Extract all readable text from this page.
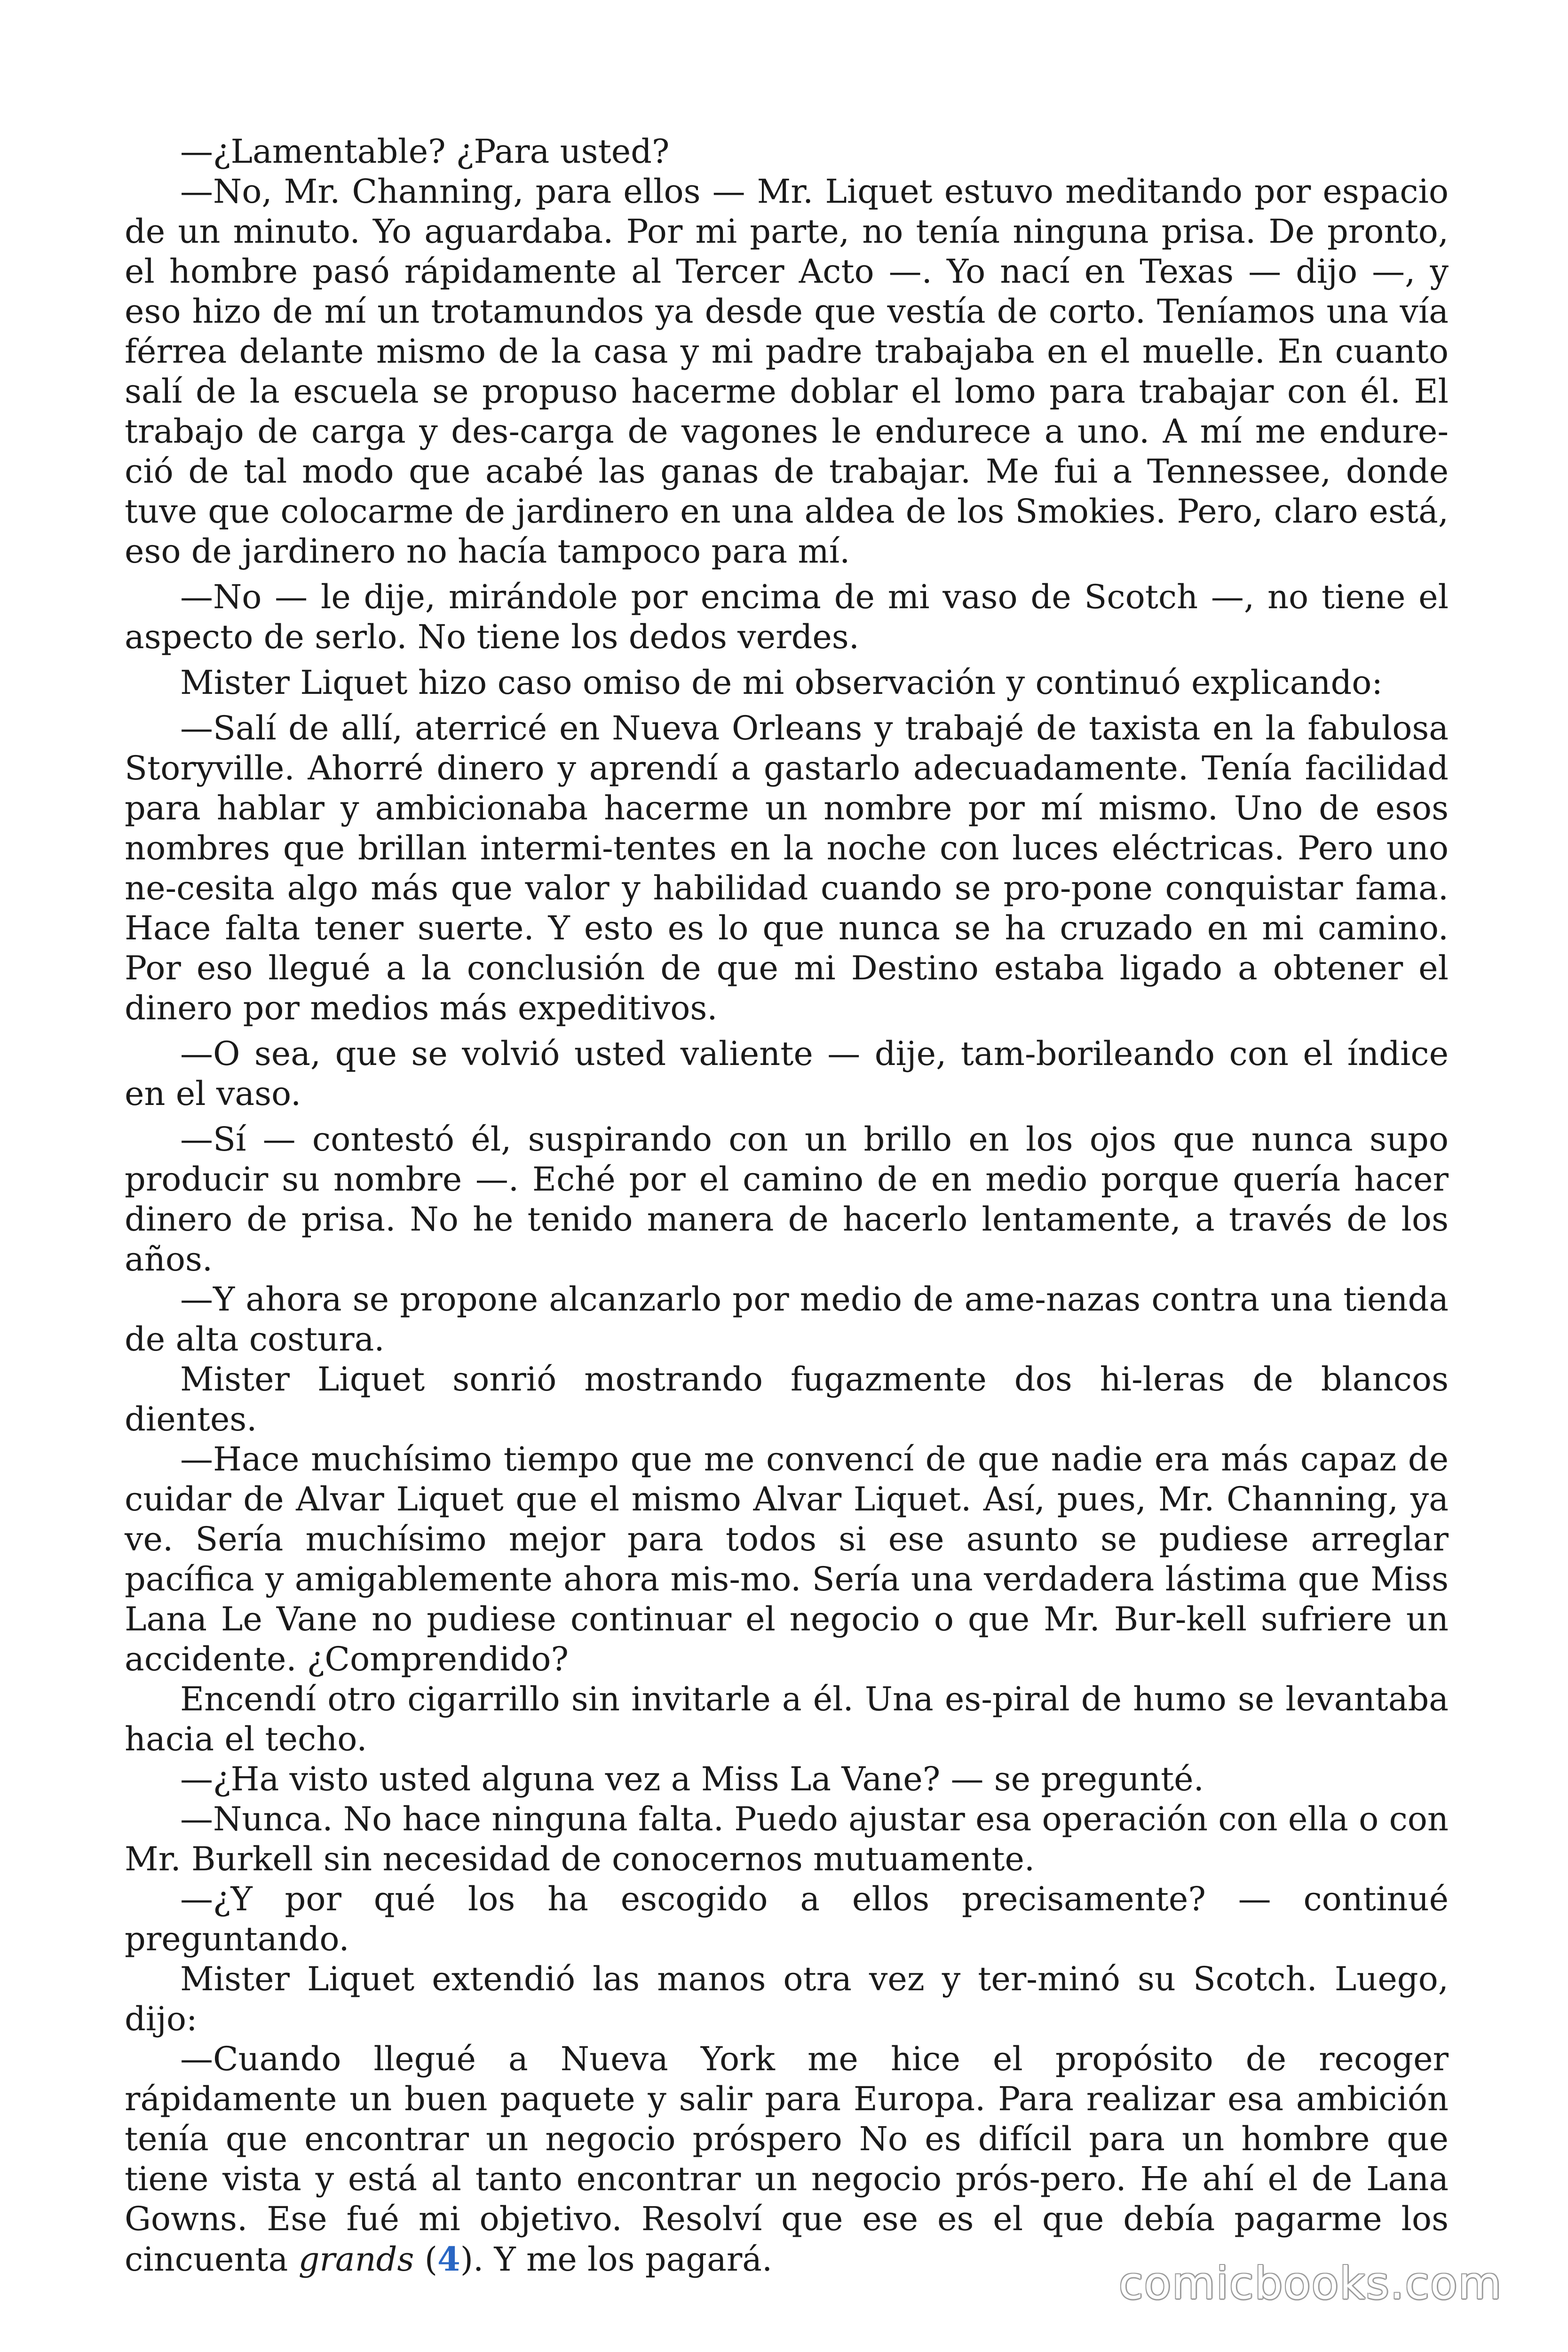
—¿Lamentable? ¿Para usted?

—No, Mr. Channing, para ellos — Mr. Liquet estuvo meditando por espacio de un minuto. Yo aguardaba. Por mi parte, no tenía ninguna prisa. De pronto, el hombre pasó rápidamente al Tercer Acto —. Yo nací en Texas — dijo —, y eso hizo de mí un trotamundos ya desde que vestía de corto. Teníamos una vía férrea delante mismo de la casa y mi padre trabajaba en el muelle. En cuanto salí de la escuela se propuso hacerme doblar el lomo para trabajar con él. El trabajo de carga y des-carga de vagones le endurece a uno. A mí me endure-ció de tal modo que acabé las ganas de trabajar. Me fui a Tennessee, donde tuve que colocarme de jardinero en una aldea de los Smokies. Pero, claro está, eso de jardinero no hacía tampoco para mí.

—No — le dije, mirándole por encima de mi vaso de Scotch —, no tiene el aspecto de serlo. No tiene los dedos verdes.

Mister Liquet hizo caso omiso de mi observación y continuó explicando:

—Salí de allí, aterricé en Nueva Orleans y trabajé de taxista en la fabulosa Storyville. Ahorré dinero y aprendí a gastarlo adecuadamente. Tenía facilidad para hablar y ambicionaba hacerme un nombre por mí mismo. Uno de esos nombres que brillan intermi-tentes en la noche con luces eléctricas. Pero uno ne-cesita algo más que valor y habilidad cuando se pro-pone conquistar fama. Hace falta tener suerte. Y esto es lo que nunca se ha cruzado en mi camino. Por eso llegué a la conclusión de que mi Destino estaba ligado a obtener el dinero por medios más expeditivos.

—O sea, que se volvió usted valiente — dije, tam-borileando con el índice en el vaso.

—Sí — contestó él, suspirando con un brillo en los ojos que nunca supo producir su nombre —. Eché por el camino de en medio porque quería hacer dinero de prisa. No he tenido manera de hacerlo lentamente, a través de los años.

—Y ahora se propone alcanzarlo por medio de ame-nazas contra una tienda de alta costura.

Mister Liquet sonrió mostrando fugazmente dos hi-leras de blancos dientes.

—Hace muchísimo tiempo que me convencí de que nadie era más capaz de cuidar de Alvar Liquet que el mismo Alvar Liquet. Así, pues, Mr. Channing, ya ve. Sería muchísimo mejor para todos si ese asunto se pudiese arreglar pacífica y amigablemente ahora mis-mo. Sería una verdadera lástima que Miss Lana Le Vane no pudiese continuar el negocio o que Mr. Bur-kell sufriere un accidente. ¿Comprendido?

Encendí otro cigarrillo sin invitarle a él. Una es-piral de humo se levantaba hacia el techo.

—¿Ha visto usted alguna vez a Miss La Vane? — se pregunté.

—Nunca. No hace ninguna falta. Puedo ajustar esa operación con ella o con Mr. Burkell sin necesidad de conocernos mutuamente.

—¿Y por qué los ha escogido a ellos precisamente? — continué preguntando.

Mister Liquet extendió las manos otra vez y ter-minó su Scotch. Luego, dijo:

—Cuando llegué a Nueva York me hice el propósito de recoger rápidamente un buen paquete y salir para Europa. Para realizar esa ambición tenía que encontrar un negocio próspero No es difícil para un hombre que tiene vista y está al tanto encontrar un negocio prós-pero. He ahí el de Lana Gowns. Ese fué mi objetivo. Resolví que ese es el que debía pagarme los cincuenta grands (4). Y me los pagará.	comicbooks.com
